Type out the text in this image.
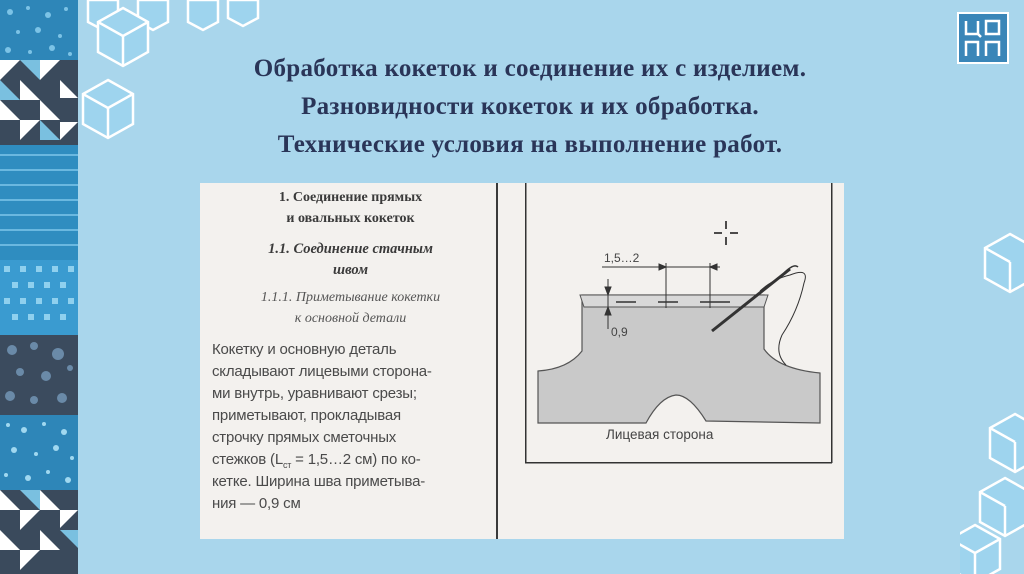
Обработка кокеток и соединение их с изделием.
Разновидности кокеток и их обработка.
Технические условия на выполнение работ.
1. Соединение прямых
и овальных кокеток
1.1. Соединение стачным
швом
1.1.1. Приметывание кокетки
к основной детали
Кокетку и основную деталь
складывают лицевыми сторона-
ми внутрь, уравнивают срезы;
приметывают, прокладывая
строчку прямых сметочных
стежков ($L_{ст}$ = 1,5…2 см) по ко-
кетке. Ширина шва приметыва-
ния — 0,9 см
1,5…2
0,9
Лицевая сторона
